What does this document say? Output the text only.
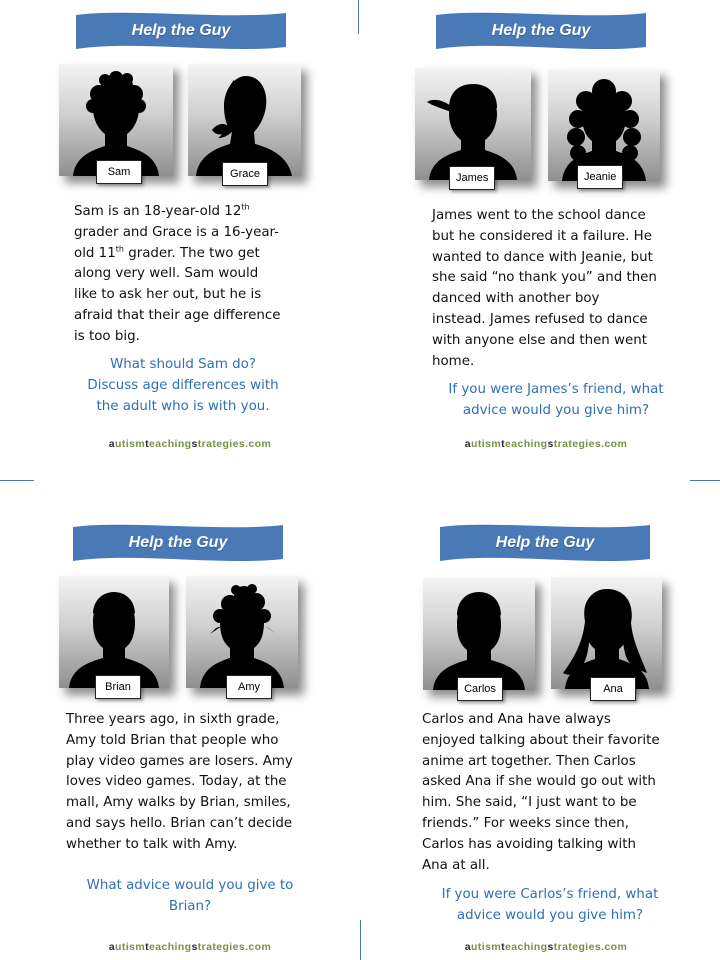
Help the Guy
Sam	Grace
Sam is an 18-year-old 12th
grader and Grace is a 16-year-
old 11th grader. The two get
along very well. Sam would
like to ask her out, but he is
afraid that their age difference
is too big.
What should Sam do?
Discuss age differences with
the adult who is with you.
autismteachingstrategies.com
Help the Guy
James	Jeanie
James went to the school dance
but he considered it a failure. He
wanted to dance with Jeanie, but
she said “no thank you” and then
danced with another boy
instead. James refused to dance
with anyone else and then went
home.
If you were James’s friend, what
advice would you give him?
autismteachingstrategies.com
Help the Guy
Brian	Amy
Three years ago, in sixth grade,
Amy told Brian that people who
play video games are losers. Amy
loves video games. Today, at the
mall, Amy walks by Brian, smiles,
and says hello. Brian can’t decide
whether to talk with Amy.
What advice would you give to
Brian?
autismteachingstrategies.com
Help the Guy
Carlos	Ana
Carlos and Ana have always
enjoyed talking about their favorite
anime art together. Then Carlos
asked Ana if she would go out with
him. She said, “I just want to be
friends.” For weeks since then,
Carlos has avoiding talking with
Ana at all.
If you were Carlos’s friend, what
advice would you give him?
autismteachingstrategies.com
